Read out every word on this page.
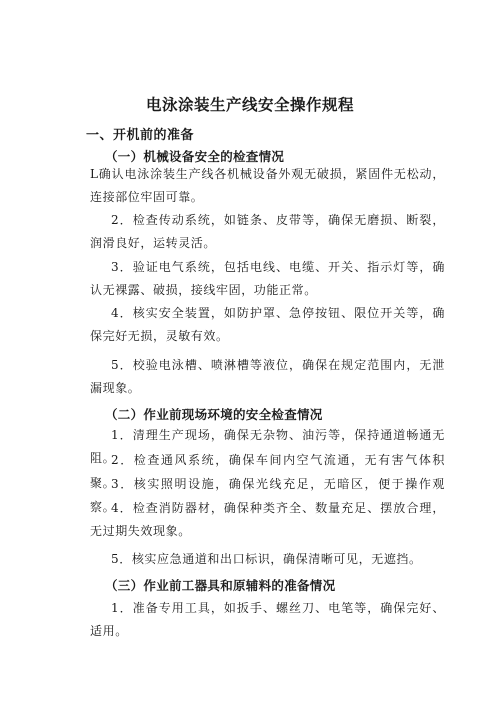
电泳涂装生产线安全操作规程
一、开机前的准备
（一）机械设备安全的检查情况

L确认电泳涂装生产线各机械设备外观无破损，紧固件无松动，连接部位牢固可靠。

2．检查传动系统，如链条、皮带等，确保无磨损、断裂，润滑良好，运转灵活。

3．验证电气系统，包括电线、电缆、开关、指示灯等，确认无裸露、破损，接线牢固，功能正常。

4．核实安全装置，如防护罩、急停按钮、限位开关等，确保完好无损，灵敏有效。

5．校验电泳槽、喷淋槽等液位，确保在规定范围内，无泄漏现象。

（二）作业前现场环境的安全检查情况

1．清理生产现场，确保无杂物、油污等，保持通道畅通无阻。

2．检查通风系统，确保车间内空气流通，无有害气体积聚。

3．核实照明设施，确保光线充足，无暗区，便于操作观察。

4．检查消防器材，确保种类齐全、数量充足、摆放合理，无过期失效现象。

5．核实应急通道和出口标识，确保清晰可见，无遮挡。

（三）作业前工器具和原辅料的准备情况

1．准备专用工具，如扳手、螺丝刀、电笔等，确保完好、适用。
